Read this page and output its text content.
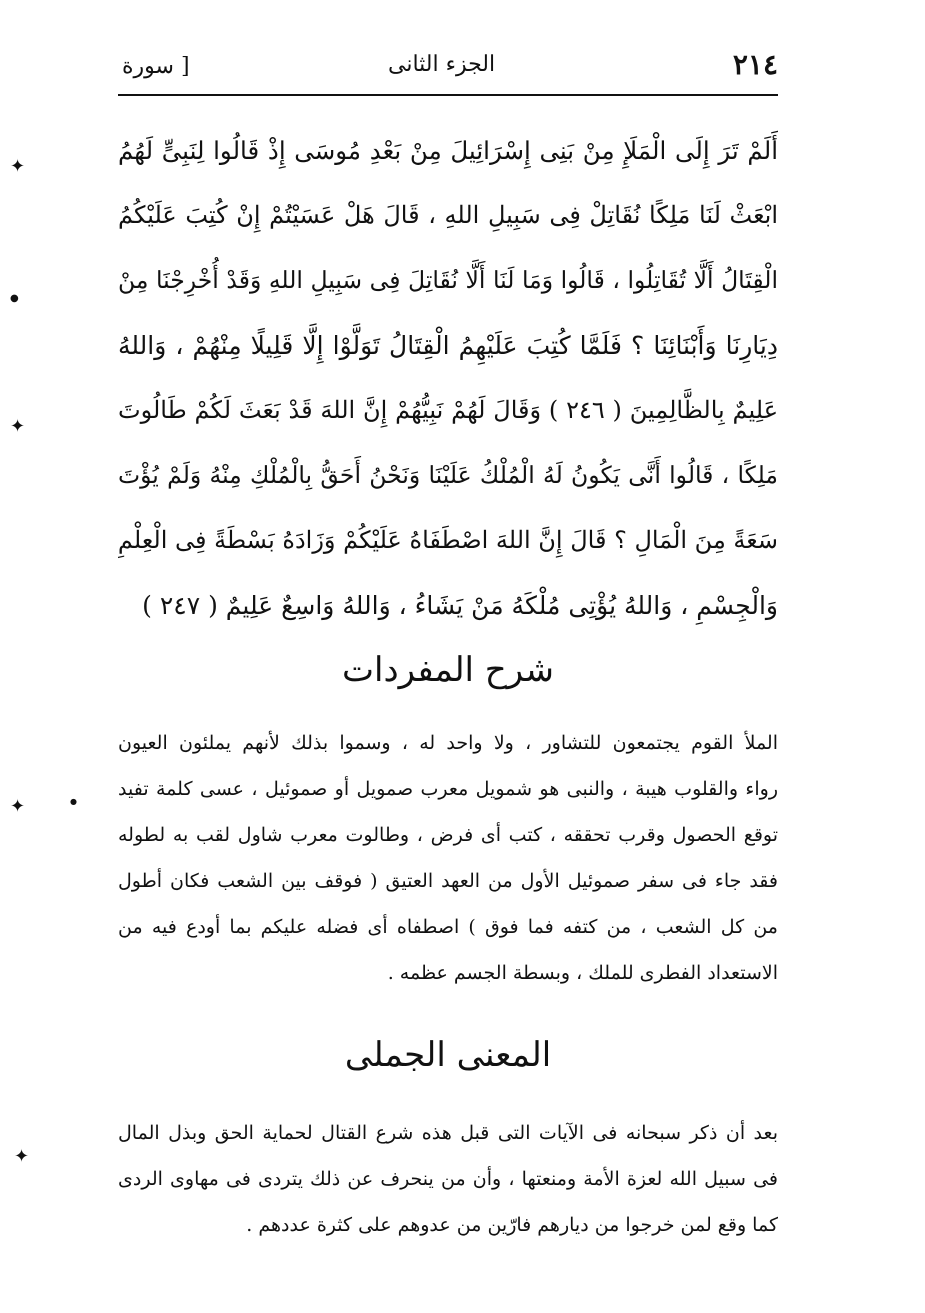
٢١٤
الجزء الثانى
[ سورة
أَلَمْ تَرَ إِلَى الْمَلَإِ مِنْ بَنِى إِسْرَائِيلَ مِنْ بَعْدِ مُوسَى إِذْ قَالُوا لِنَبِىٍّ لَهُمُ
ابْعَثْ لَنَا مَلِكًا نُقَاتِلْ فِى سَبِيلِ اللهِ ، قَالَ هَلْ عَسَيْتُمْ إِنْ كُتِبَ عَلَيْكُمُ
الْقِتَالُ أَلَّا تُقَاتِلُوا ، قَالُوا وَمَا لَنَا أَلَّا نُقَاتِلَ فِى سَبِيلِ اللهِ وَقَدْ أُخْرِجْنَا مِنْ
دِيَارِنَا وَأَبْنَائِنَا ؟ فَلَمَّا كُتِبَ عَلَيْهِمُ الْقِتَالُ تَوَلَّوْا إِلَّا قَلِيلًا مِنْهُمْ ، وَاللهُ
عَلِيمٌ بِالظَّالِمِينَ ( ٢٤٦ ) وَقَالَ لَهُمْ نَبِيُّهُمْ إِنَّ اللهَ قَدْ بَعَثَ لَكُمْ طَالُوتَ
مَلِكًا ، قَالُوا أَنَّى يَكُونُ لَهُ الْمُلْكُ عَلَيْنَا وَنَحْنُ أَحَقُّ بِالْمُلْكِ مِنْهُ وَلَمْ يُؤْتَ
سَعَةً مِنَ الْمَالِ ؟ قَالَ إِنَّ اللهَ اصْطَفَاهُ عَلَيْكُمْ وَزَادَهُ بَسْطَةً فِى الْعِلْمِ
وَالْجِسْمِ ، وَاللهُ يُؤْتِى مُلْكَهُ مَنْ يَشَاءُ ، وَاللهُ وَاسِعٌ عَلِيمٌ ( ٢٤٧ )
شرح المفردات
الملأ القوم يجتمعون للتشاور ، ولا واحد له ، وسموا بذلك لأنهم يملئون العيون
رواء والقلوب هيبة ، والنبى هو شمويل معرب صمويل أو صموئيل ، عسى كلمة تفيد
توقع الحصول وقرب تحققه ، كتب أى فرض ، وطالوت معرب شاول لقب به لطوله
فقد جاء فى سفر صموئيل الأول من العهد العتيق ( فوقف بين الشعب فكان أطول
من كل الشعب ، من كتفه فما فوق ) اصطفاه أى فضله عليكم بما أودع فيه من
الاستعداد الفطرى للملك ، وبسطة الجسم عظمه .
المعنى الجملى
بعد أن ذكر سبحانه فى الآيات التى قبل هذه شرع القتال لحماية الحق وبذل المال
فى سبيل الله لعزة الأمة ومنعتها ، وأن من ينحرف عن ذلك يتردى فى مهاوى الردى
كما وقع لمن خرجوا من ديارهم فارّين من عدوهم على كثرة عددهم .
✦
●
✦
✦	●
✦
